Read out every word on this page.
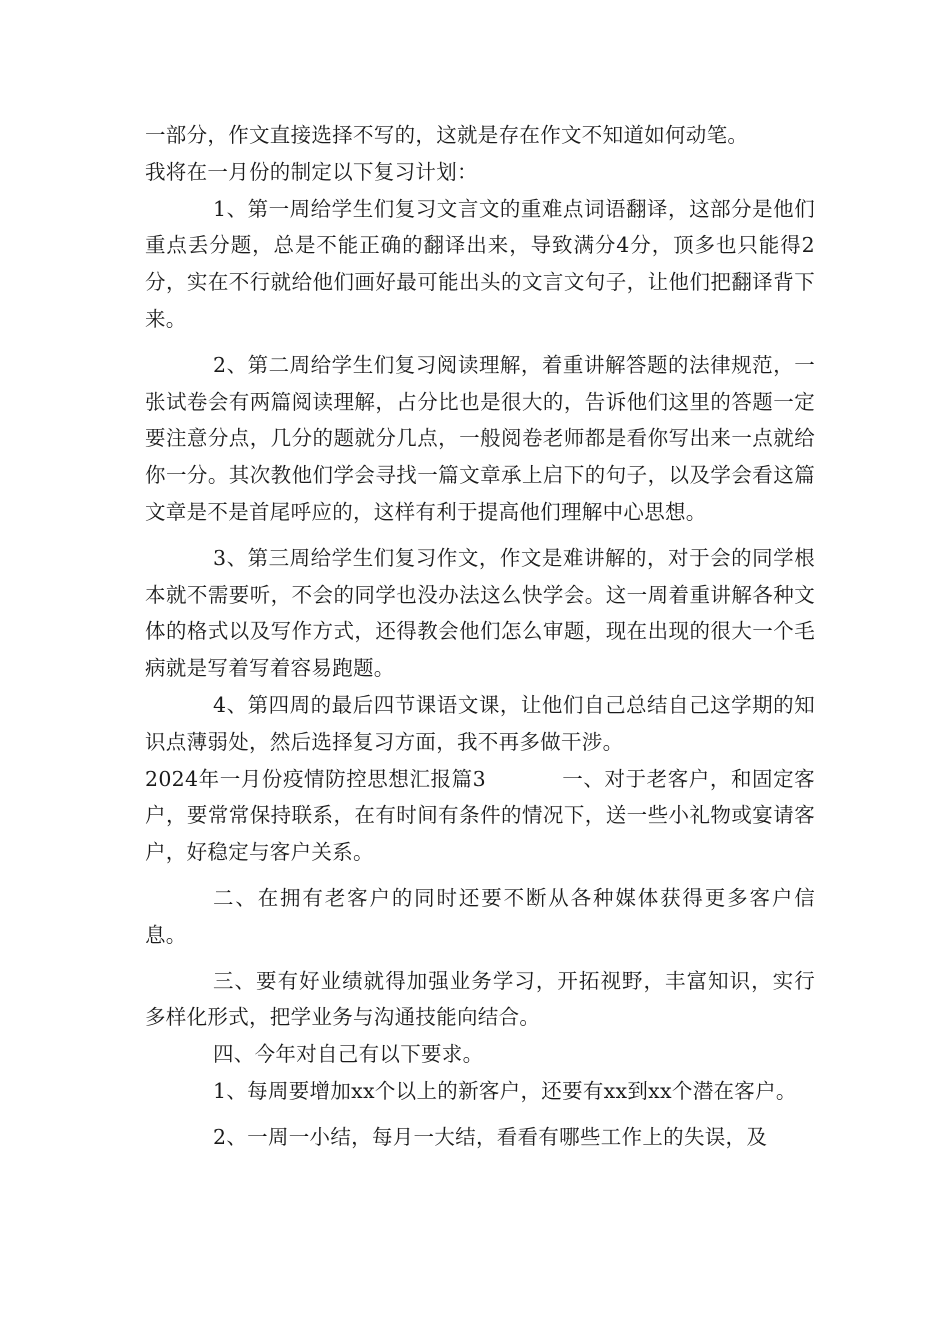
一部分，作文直接选择不写的，这就是存在作文不知道如何动笔。

我将在一月份的制定以下复习计划：

1、第一周给学生们复习文言文的重难点词语翻译，这部分是他们重点丢分题，总是不能正确的翻译出来，导致满分4分，顶多也只能得2分，实在不行就给他们画好最可能出头的文言文句子，让他们把翻译背下来。

2、第二周给学生们复习阅读理解，着重讲解答题的法律规范，一张试卷会有两篇阅读理解，占分比也是很大的，告诉他们这里的答题一定要注意分点，几分的题就分几点，一般阅卷老师都是看你写出来一点就给你一分。其次教他们学会寻找一篇文章承上启下的句子，以及学会看这篇文章是不是首尾呼应的，这样有利于提高他们理解中心思想。

3、第三周给学生们复习作文，作文是难讲解的，对于会的同学根本就不需要听，不会的同学也没办法这么快学会。这一周着重讲解各种文体的格式以及写作方式，还得教会他们怎么审题，现在出现的很大一个毛病就是写着写着容易跑题。

4、第四周的最后四节课语文课，让他们自己总结自己这学期的知识点薄弱处，然后选择复习方面，我不再多做干涉。

2024年一月份疫情防控思想汇报篇3	一、对于老客户，和固定客户，要常常保持联系，在有时间有条件的情况下，送一些小礼物或宴请客户，好稳定与客户关系。

二、在拥有老客户的同时还要不断从各种媒体获得更多客户信息。

三、要有好业绩就得加强业务学习，开拓视野，丰富知识，实行多样化形式，把学业务与沟通技能向结合。

四、今年对自己有以下要求。

1、每周要增加xx个以上的新客户，还要有xx到xx个潜在客户。

2、一周一小结，每月一大结，看看有哪些工作上的失误，及
